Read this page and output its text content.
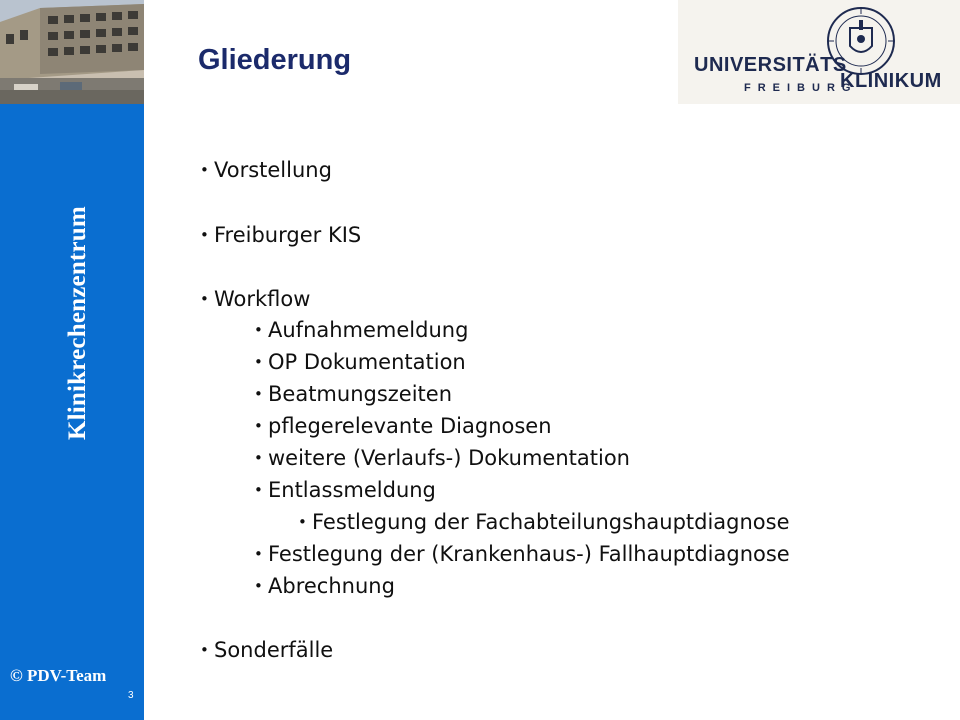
Klinikrechenzentrum
© PDV-Team
3
Gliederung	UNIVERSITÄTS
FREIBURG
KLINIKUM
• Vorstellung
• Freiburger KIS
• Workflow
• Aufnahmemeldung
• OP Dokumentation
• Beatmungszeiten
• pflegerelevante Diagnosen
• weitere (Verlaufs-) Dokumentation
• Entlassmeldung
• Festlegung der Fachabteilungshauptdiagnose
• Festlegung der (Krankenhaus-) Fallhauptdiagnose
• Abrechnung
• Sonderfälle
